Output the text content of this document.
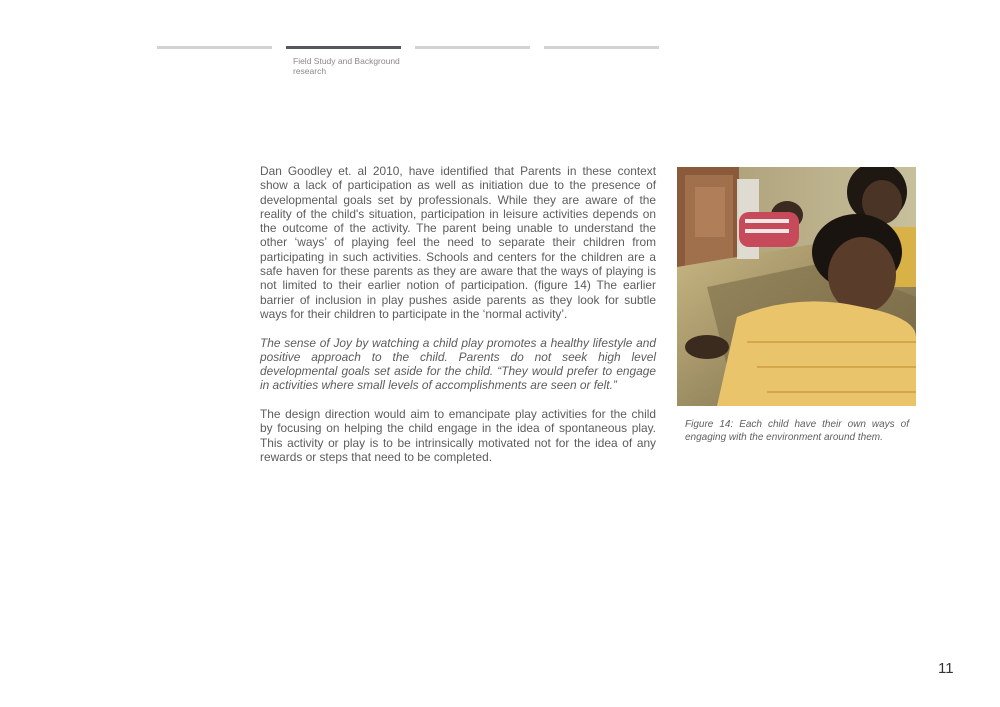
Field Study and Background research

Dan Goodley et. al 2010, have identified that Parents in these context show a lack of participation as well as initiation due to the presence of developmental goals set by professionals. While they are aware of the reality of the child's situation, participation in leisure activities depends on the outcome of the activity. The parent being unable to understand the other ‘ways’ of playing feel the need to separate their children from participating in such activities. Schools and centers for the children are a safe haven for these parents as they are aware that the ways of playing is not limited to their earlier notion of participation. (figure 14) The earlier barrier of inclusion in play pushes aside parents as they look for subtle ways for their children to participate in the ‘normal activity’.

The sense of Joy by watching a child play promotes a healthy lifestyle and positive approach to the child. Parents do not seek high level developmental goals set aside for the child. “They would prefer to engage in activities where small levels of accomplishments are seen or felt.”

The design direction would aim to emancipate play activities for the child by focusing on helping the child engage in the idea of spontaneous play. This activity or play is to be intrinsically motivated not for the idea of any rewards or steps that need to be completed.

Figure 14: Each child have their own ways of engaging with the environment around them.
11
